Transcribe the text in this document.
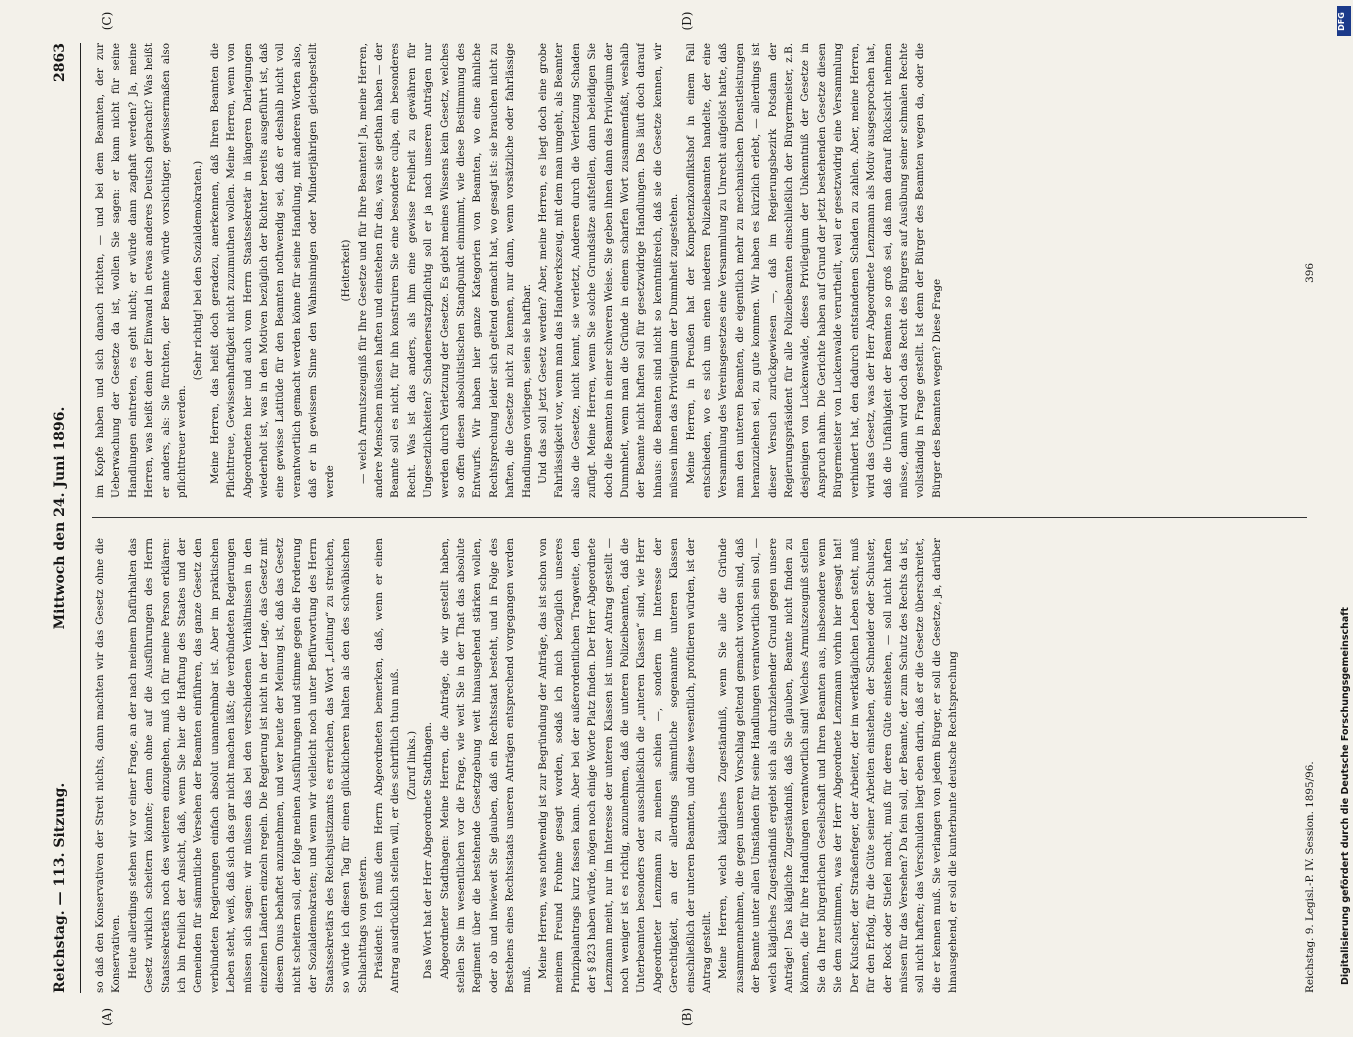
Reichstag. — 113. Sitzung.
Mittwoch den 24. Juni 1896.
2863
(A)	(B)
(C)	(D)

so daß den Konservativen der Streit nichts, dann machten wir das Gesetz ohne die Konservativen. Heute allerdings stehen wir vor einer Frage, an der nach meinem Dafürhalten das Gesetz wirklich scheitern könnte; denn ohne auf die Ausführungen des Herrn Staatssekretärs noch des weiteren einzugehen, muß ich für meine Person erklären: ich bin freilich der Ansicht, daß, wenn Sie hier die Haftung des Staates und der Gemeinden für sämmtliche Versehen der Beamten einführen, das ganze Gesetz den verbündeten Regierungen einfach absolut unannehmbar ist. Aber im praktischen Leben steht, weiß, daß sich das gar nicht machen läßt; die verbündeten Regierungen müssen sich sagen: wir müssen das bei den verschiedenen Verhältnissen in den einzelnen Ländern einzeln regeln. Die Regierung ist nicht in der Lage, das Gesetz mit diesem Onus behaftet anzunehmen, und wer heute der Meinung ist, daß das Gesetz nicht scheitern soll, der folge meinen Ausführungen und stimme gegen die Forderung der Sozialdemokraten; und wenn wir vielleicht noch unter Befürwortung des Herrn Staatssekretärs des Reichsjustizamts es erreichen, das Wort „Leitung“ zu streichen, so würde ich diesen Tag für einen glücklicheren halten als den des schwäbischen Schlachttags von gestern. Präsident: Ich muß dem Herrn Abgeordneten bemerken, daß, wenn er einen Antrag ausdrücklich stellen will, er dies schriftlich thun muß. (Zuruf links.) Das Wort hat der Herr Abgeordnete Stadthagen. Abgeordneter Stadthagen: Meine Herren, die Anträge, die wir gestellt haben, stellen Sie im wesentlichen vor die Frage, wie weit Sie in der That das absolute Regiment über die bestehende Gesetzgebung weit hinausgehend stärken wollen, oder ob und inwieweit Sie glauben, daß ein Rechtsstaat besteht, und in Folge des Bestehens eines Rechtsstaats unseren Anträgen entsprechend vorgegangen werden muß.

Meine Herren, was nothwendig ist zur Begründung der Anträge, das ist schon von meinem Freund Frohme gesagt worden, sodaß ich mich bezüglich unseres Prinzipalantrags kurz fassen kann. Aber bei der außerordentlichen Tragweite, den der § 823 haben würde, mögen noch einige Worte Platz finden. Der Herr Abgeordnete Lenzmann meint, nur im Interesse der unteren Klassen ist unser Antrag gestellt — noch weniger ist es richtig, anzunehmen, daß die unteren Polizeibeamten, daß die Unterbeamten besonders oder ausschließlich die „unteren Klassen“ sind, wie Herr Abgeordneter Lenzmann zu meinen schien —, sondern im Interesse der Gerechtigkeit, an der allerdings sämmtliche sogenannte unteren Klassen einschließlich der unteren Beamten, und diese wesentlich, profitieren würden, ist der Antrag gestellt. Meine Herren, welch klägliches Zugeständniß, wenn Sie alle die Gründe zusammennehmen, die gegen unseren Vorschlag geltend gemacht worden sind, daß der Beamte unter allen Umständen für seine Handlungen verantwortlich sein soll, — welch klägliches Zugeständniß ergiebt sich als durchziehender Grund gegen unsere Anträge! Das klägliche Zugeständniß, daß Sie glauben, Beamte nicht finden zu können, die für ihre Handlungen verantwortlich sind! Welches Armutszeugniß stellen Sie da Ihrer bürgerlichen Gesellschaft und Ihren Beamten aus, insbesondere wenn Sie dem zustimmen, was der Herr Abgeordnete Lenzmann vorhin hier gesagt hat! Der Kutscher, der Straßenfeger, der Arbeiter, der im werktäglichen Leben steht, muß für den Erfolg, für die Güte seiner Arbeiten einstehen, der Schneider oder Schuster, der Rock oder Stiefel macht, muß für deren Güte einstehen, — soll nicht haften müssen für das Versehen? Da fein soll, der Beamte, der zum Schutz des Rechts da ist, soll nicht haften; das Verschulden liegt eben darin, daß er die Gesetze überschreitet, die er kennen muß. Sie verlangen von jedem Bürger, er soll die Gesetze, ja, darüber hinausgehend, er soll die kunterbunte deutsche Rechtsprechung

im Kopfe haben und sich danach richten, — und bei dem Beamten, der zur Ueberwachung der Gesetze da ist, wollen Sie sagen: er kann nicht für seine Handlungen eintreten, es geht nicht; er würde dann zaghaft werden? Ja, meine Herren, was heißt denn der Einwand in etwas anderes Deutsch gebracht? Was heißt er anders, als: Sie fürchten, der Beamte würde vorsichtiger, gewissermaßen also pflichttreuer werden.

(Sehr richtig! bei den Sozialdemokraten.) Meine Herren, das heißt doch geradezu, anerkennen, daß Ihren Beamten die Pflichttreue, Gewissenhaftigkeit nicht zuzumuthen wollen. Meine Herren, wenn von Abgeordneten hier und auch vom Herrn Staatssekretär in längeren Darlegungen wiederholt ist, was in den Motiven bezüglich der Richter bereits ausgeführt ist, daß eine gewisse Latitüde für den Beamten nothwendig sei, daß er deshalb nicht voll verantwortlich gemacht werden könne für seine Handlung, mit anderen Worten also, daß er in gewissem Sinne den Wahnsinnigen oder Minderjährigen gleichgestellt werde

(Heiterkeit) — welch Armutszeugniß für Ihre Gesetze und für Ihre Beamten! Ja, meine Herren, andere Menschen müssen haften und einstehen für das, was sie gethan haben — der Beamte soll es nicht, für ihn konstruiren Sie eine besondere culpa, ein besonderes Recht. Was ist das anders, als ihm eine gewisse Freiheit zu gewähren für Ungesetzlichkeiten? Schadenersatzpflichtig soll er ja nach unseren Anträgen nur werden durch Verletzung der Gesetze. Es giebt meines Wissens kein Gesetz, welches so offen diesen absolutistischen Standpunkt einnimmt, wie diese Bestimmung des Entwurfs. Wir haben hier ganze Kategorien von Beamten, wo eine ähnliche Rechtsprechung leider sich geltend gemacht hat, wo gesagt ist: sie brauchen nicht zu haften, die Gesetze nicht zu kennen, nur dann, wenn vorsätzliche oder fahrlässige Handlungen vorliegen, seien sie haftbar. Und das soll jetzt Gesetz werden? Aber, meine Herren, es liegt doch eine grobe Fahrlässigkeit vor, wenn man das Handwerkszeug, mit dem man umgeht, als Beamter also die Gesetze, nicht kennt, sie verletzt, Anderen durch die Verletzung Schaden zufügt. Meine Herren, wenn Sie solche Grundsätze aufstellen, dann beleidigen Sie doch die Beamten in einer schweren Weise. Sie geben ihnen dann das Privilegium der Dummheit, wenn man die Gründe in einem scharfen Wort zusammenfaßt, weshalb der Beamte nicht haften soll für gesetzwidrige Handlungen. Das läuft doch darauf hinaus: die Beamten sind nicht so kenntnißreich, daß sie die Gesetze kennen, wir müssen ihnen das Privilegium der Dummheit zugestehen. Meine Herren, in Preußen hat der Kompetenzkonfliktshof in einem Fall entschieden, wo es sich um einen niederen Polizeibeamten handelte, der eine Versammlung des Vereinsgesetzes eine Versammlung zu Unrecht aufgelöst hatte, daß man den unteren Beamten, die eigentlich mehr zu mechanischen Dienstleistungen heranzuziehen sei, zu gute kommen. Wir haben es kürzlich erlebt, — allerdings ist dieser Versuch zurückgewiesen —, daß im Regierungsbezirk Potsdam der Regierungspräsident für alle Polizeibeamten einschließlich der Bürgermeister, z.B. desjenigen von Luckenwalde, dieses Privilegium der Unkenntniß der Gesetze in Anspruch nahm. Die Gerichte haben auf Grund der jetzt bestehenden Gesetze diesen Bürgermeister von Luckenwalde verurtheilt, weil er gesetzwidrig eine Versammlung verhindert hat, den dadurch entstandenen Schaden zu zahlen. Aber, meine Herren, wird das Gesetz, was der Herr Abgeordnete Lenzmann als Motiv ausgesprochen hat, daß die Unfähigkeit der Beamten so groß sei, daß man darauf Rücksicht nehmen müsse, dann wird doch das Recht des Bürgers auf Ausübung seiner schmalen Rechte vollständig in Frage gestellt. Ist denn der Bürger des Beamten wegen da, oder die Bürger des Beamten wegen? Diese Frage

Reichstag. 9. Legisl.-P. IV. Session. 1895/96.
396
DFG
Digitalisierung gefördert durch die Deutsche Forschungsgemeinschaft
